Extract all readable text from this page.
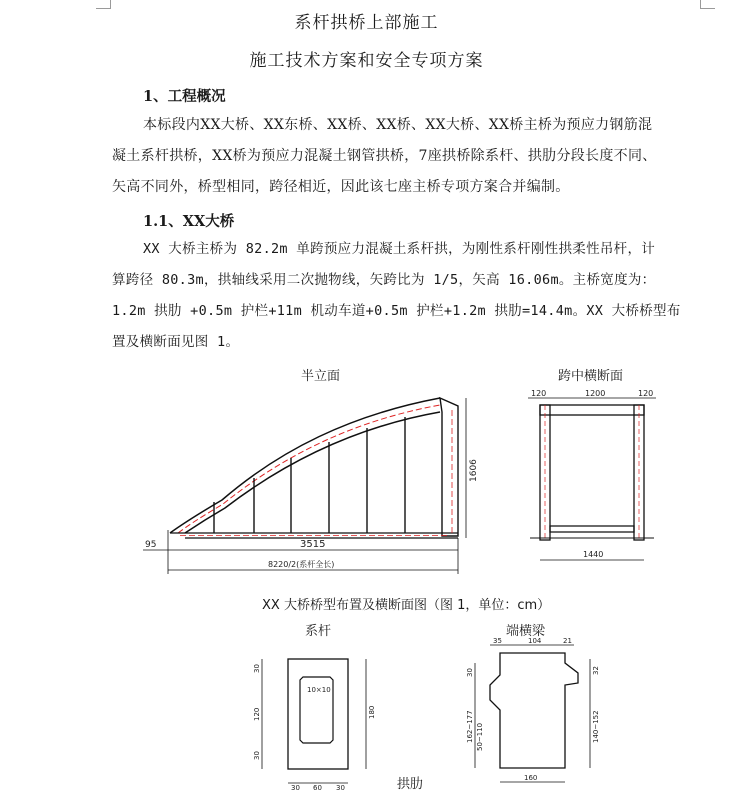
系杆拱桥上部施工
施工技术方案和安全专项方案
1、工程概况
本标段内XX大桥、XX东桥、XX桥、XX桥、XX大桥、XX桥主桥为预应力钢筋混
凝土系杆拱桥，XX桥为预应力混凝土钢管拱桥，7座拱桥除系杆、拱肋分段长度不同、
矢高不同外，桥型相同，跨径相近，因此该七座主桥专项方案合并编制。
1.1、XX大桥
XX 大桥主桥为 82.2m 单跨预应力混凝土系杆拱，为刚性系杆刚性拱柔性吊杆，计
算跨径 80.3m，拱轴线采用二次抛物线，矢跨比为 1/5，矢高 16.06m。主桥宽度为：
1.2m 拱肋 +0.5m 护栏+11m 机动车道+0.5m 护栏+1.2m 拱肋=14.4m。XX 大桥桥型布
置及横断面见图 1。
半立面
95	3515
8220/2(系杆全长)
1606
跨中横断面
120	1200	120
1440
XX 大桥桥型布置及横断面图（图 1，单位：cm）
系杆
10×10
30
120
30
180
30 60 30
端横梁
35	104	21
30
162~177 50~110
32
140~152
160
拱肋
